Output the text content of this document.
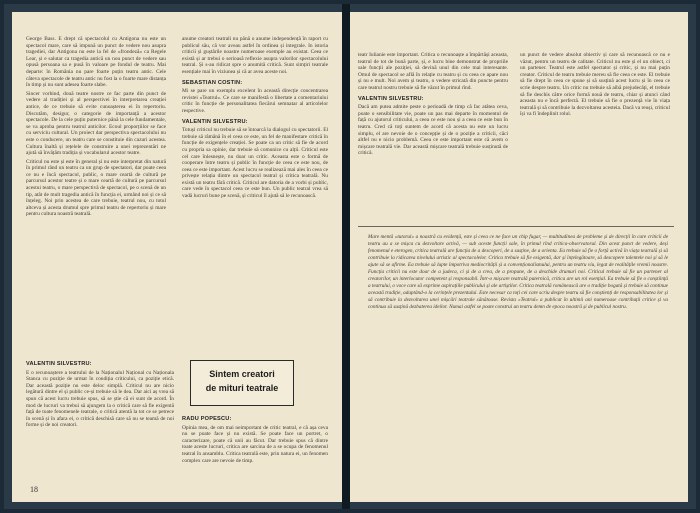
George Bass. E drept că spectacolul cu Antigona nu este un spectacol mare, care să impună un punct de vedere nou asupra tragediei, dar Antigona nu este la fel de «frondeză» ca Regele Lear, și e salutar ca tragedia antică un nou punct de vedere sau opusă persoana sa e pusă în valoare pe fondul de teatru. Mai departe: în România nu pare foarte puțin teatru antic. Cele câteva spectacole de teatru antic nu fost la o foarte mare distanța în timp și nu sunt adesea foarte slabe.

Sincer vorbind, două teatre nostre ce fac parte din punct de vedere al tradiției și al perspectivei în interpretarea creației antice, de ce trebuie să evite cunoașterea ei în repertoriu. Discutăm, desigur, o categorie de importanță a acestor spectacole. De la cele puțin puternice până la cele fundamentale, se va aproba pentru teatrul anticilor. Ecoul proporțiilor se face cu serviciu cultural. Un proiect dar perspectiva spectacolului nu este o conducere, un teatru care se constituie din cazuri acestea. Cultura înaltă și rețelele de construire a unei reprezentări ne ajută să învățăm tradiția și vocabularul acestor teatre.

Criticul nu este și este în general și nu este interpretat din natură în primul rând un teatru ca un grup de spectatori, dar poate ceea ce nu e încă spectacol, public, o mare ceartă de cultură pe parcursul acestor teatre și o mare ceartă de cultură pe parcursul acestui teatru, o mare perspectivă de spectacol, pe o scenă de un tip, atât de mult tragedia antică în funcția ei, urmând noi și ce să înțeleg. Noi prin acestea de care trebuie, teatrul nou, cu totul altceva și acesta drumul spre primul teatru de repertoriu și mare pentru cultura noastră teatrală.

anume creatori teatrali nu până o anume independență în raport cu publicul său, că vor aveau astfel în ordinea și integrale. In istoria criticii și guștările noastre numeroase exemple au existat. Ceea ce există și ar trebui o serioasă reflexie asupra valorilor spectacolului teatral. Și s-au ridicat spre o anumită critică. Sunt simțiri teatrale esențiale mai în viziunea și că ar avea aceste noi.

SEBASTIAN COSTIN:

Mi se pare un exemplu excelent în această direcție concentrarea revistei «Teatrul». Ce care se manifestă o libertate a comentariului critic în funcție de personalitatea fiecărui semnatar al articolelor respective.

VALENTIN SILVESTRU:

Totuși criticul nu trebuie să se întoarcă la dialogul cu spectatorii. El trebuie să rămână în el ceea ce este, un fel de manifestare critică în funcție de exigențele creației. Se poate ca un critic să fie de acord cu propria sa opinie, dar trebuie să comunice cu alții. Criticul este cel care înlesnește, nu doar un critic. Aceasta este o formă de cooperare între teatru și public în funcție de ceea ce este nou, de ceea ce este important. Acest lucru se realizează mai ales în ceea ce privește relația dintre un spectacol teatral și critica teatrală. Nu există un teatru fără critică. Criticul are datoria de a vorbi și public, care vede în spectacol ceea ce este bun. Un public teatral vrea să vadă lucruri bune pe scenă, și criticul îl ajută să le recunoască.

VALENTIN SILVESTRU:

E o recunoaștere a teatrului de la Naționalul Național cu Naționala Stanca cu poziție de urmat în condiția criticului, ca poziție etică. Dar această poziție nu este deloc simplă. Criticul nu are nicio legătură dintre el și public ce-și trebuie să le dea. Dar aici aș vrea să spun că acest lucru trebuie spus, să se știe că ei sunt de acord. În mod de lucruri va trebui să ajungem la o critică care să fie exigentă față de toate fenomenele teatrale, o critică atentă la tot ce se petrece în scenă și în afara ei, o critică deschisă care să nu se teamă de noi forme și de noi creatori.

Sintem creatori
de mituri teatrale
RADU POPESCU:

Opinia mea, de om mai neimportant de critic teatral, e că așa ceva nu se poate face și nu există. Se poate face un portret, o caracterizare, poate că unii au făcut. Dar trebuie spus că dintre toate aceste lucruri, critica are sarcina de a se ocupa de fenomenul teatral în ansamblu. Critica teatrală este, prin natura ei, un fenomen complex care are nevoie de timp.

18

teatr Iulianie este important. Critica o recunoaște a împărtăși aceasta, teatrul de tot de bună parte, și, e lucru bine demonstrat de propriile sale funcții ale poziției, să devină unul din cele mai interesante. Omul de spectacol se află în relație cu teatru și cu ceea ce apare nou și nu e mult. Noi avem și teatru, o vedere stricată din puncte pentru care teatrul nostru trebuie să fie văzut în primul rînd.

VALENTIN SILVESTRU:

Dacă am putea admite peste o perioadă de timp că fac atâtea ceva, poate o sensibilitate vie, poate un pas mai departe în momentul de față cu ajutorul criticului, a ceea ce este nou și a ceea ce este bun în teatru. Cred că toți suntem de acord că acesta nu este un lucru simplu, el are nevoie de o concepție și de o poziție a criticii, căci altfel nu e nicio problemă. Ceea ce este important este că avem o mișcare teatrală vie. Dar această mișcare teatrală trebuie susținută de critică.

un punct de vedere absolut obiectiv și care să recunoască ce nu e văzut, pentru un teatru de calitate. Criticul nu este și el un obiect, ci un partener. Teatrul este astfel spectator și critic, și nu mai puțin creator. Criticul de teatru trebuie mereu să fie ceea ce este. El trebuie să fie drept în ceea ce spune și să susțină acest lucru și în ceea ce scrie despre teatru. Un critic nu trebuie să aibă prejudecăți, el trebuie să fie deschis către orice formă nouă de teatru, chiar și atunci când aceasta nu e încă perfectă. El trebuie să fie o prezență vie în viața teatrală și să contribuie la dezvoltarea acesteia. Dacă va reuși, criticul își va fi îndeplinit rolul.

Mare mentă «tutorul» a noastră cu evidență, este și ceea ce ne face un chip fugar, — multitudinea de probleme și de direcții în care criticii de teatru au a se mișca cu dezvoltare activă, — sub aceste funcții sale, în primul rînd critica-observatorul. Din acest punct de vedere, deși fenomenul e eterogen, critica teatrală are funcția de a descoperi, de a susține, de a orienta. Ea trebuie să fie o forță activă în viața teatrală și să contribuie la ridicarea nivelului artistic al spectacolelor. Critica trebuie să fie exigentă, dar și înțelegătoare, să descopere talentele noi și să le ajute să se afirme. Ea trebuie să lupte împotriva mediocrității și a convenționalismului, pentru un teatru viu, legat de realitățile vremii noastre. Funcția criticii nu este doar de a judeca, ci și de a crea, de a propune, de a deschide drumuri noi. Criticul trebuie să fie un partener al creatorilor, un interlocutor competent și responsabil. Într-o mișcare teatrală puternică, critica are un rol esențial. Ea trebuie să fie o conștiință a teatrului, o voce care să exprime aspirațiile publicului și ale artiștilor. Critica teatrală românească are o tradiție bogată și trebuie să continue această tradiție, adaptând-o la cerințele prezentului. Este necesar ca toți cei care scriu despre teatru să fie conștienți de responsabilitatea lor și să contribuie la dezvoltarea unei mișcări teatrale sănătoase. Revista «Teatrul» a publicat în ultimii ani numeroase contribuții critice și va continua să susțină dezbaterea ideilor. Numai astfel se poate construi un teatru demn de epoca noastră și de publicul nostru.
